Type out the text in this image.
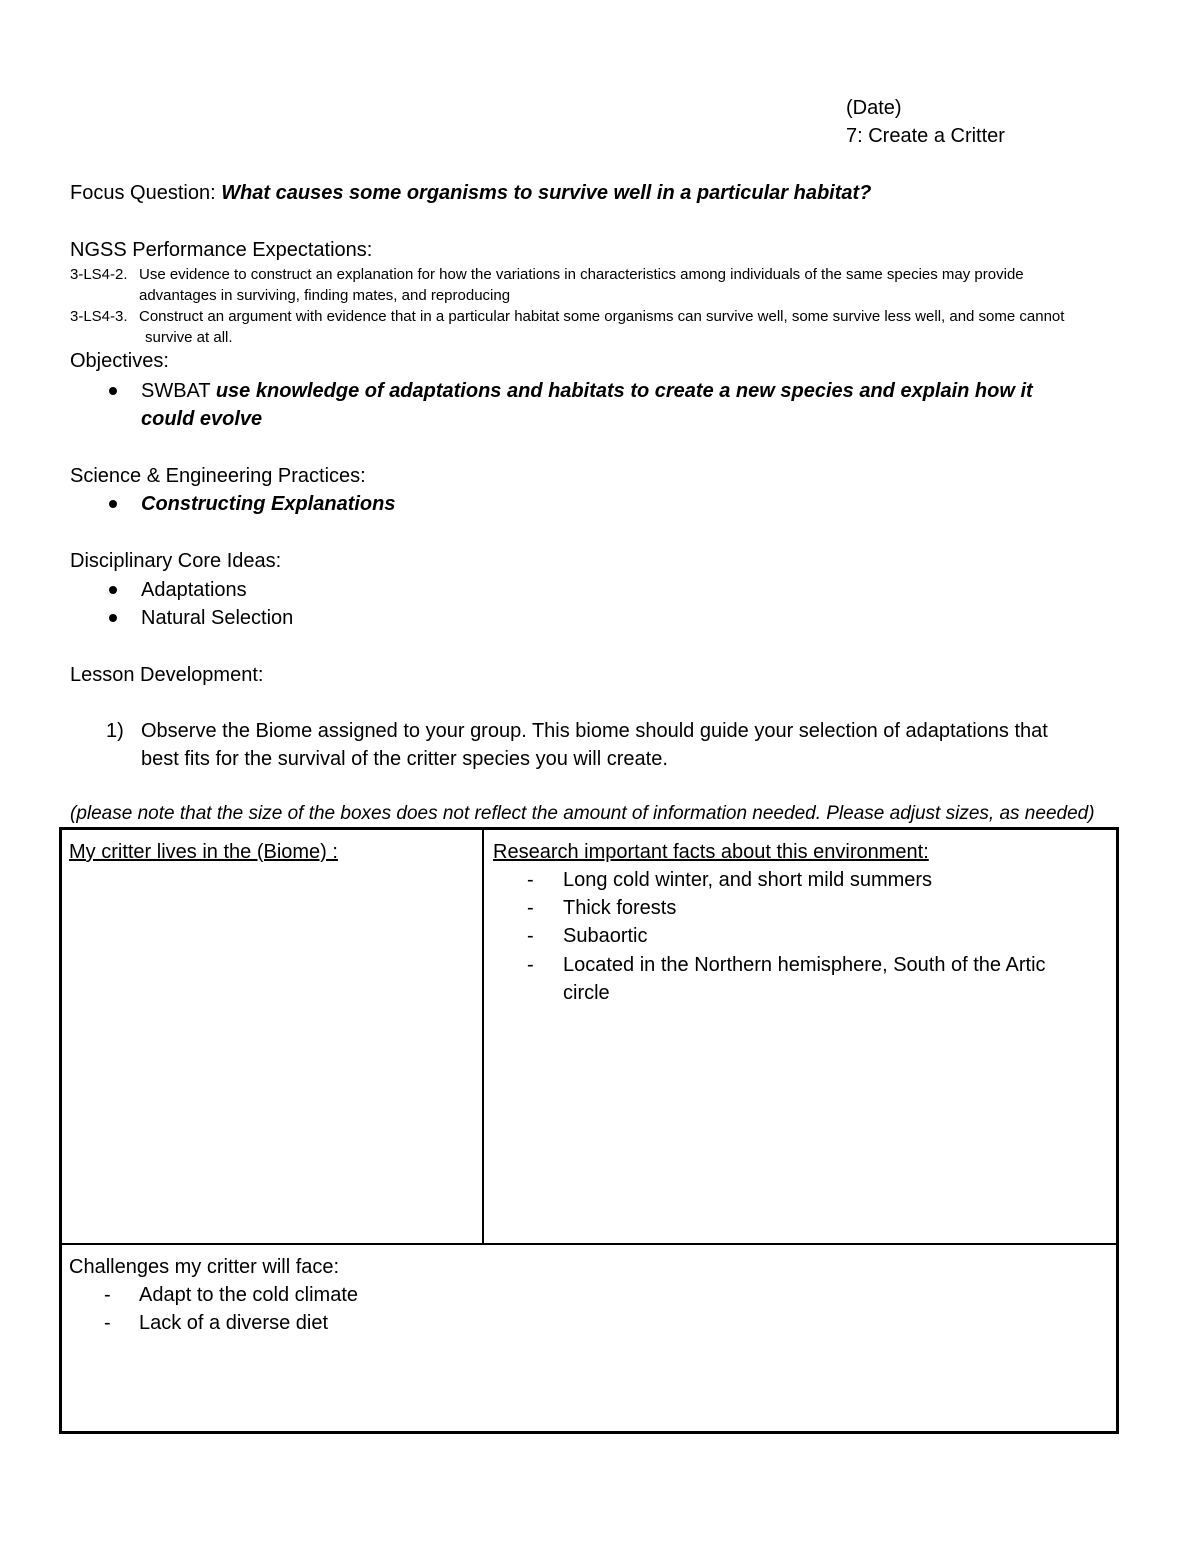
(Date)
7: Create a Critter
Focus Question: What causes some organisms to survive well in a particular habitat?
NGSS Performance Expectations:
3-LS4-2. Use evidence to construct an explanation for how the variations in characteristics among individuals of the same species may provide
advantages in surviving, finding mates, and reproducing
3-LS4-3. Construct an argument with evidence that in a particular habitat some organisms can survive well, some survive less well, and some cannot
survive at all.
Objectives:
SWBAT use knowledge of adaptations and habitats to create a new species and explain how it
could evolve
Science & Engineering Practices:
Constructing Explanations
Disciplinary Core Ideas:
Adaptations
Natural Selection
Lesson Development:
1) Observe the Biome assigned to your group. This biome should guide your selection of adaptations that
best fits for the survival of the critter species you will create.
(please note that the size of the boxes does not reflect the amount of information needed. Please adjust sizes, as needed)
My critter lives in the (Biome) :	Research important facts about this environment:
- Long cold winter, and short mild summers
- Thick forests
- Subaortic
- Located in the Northern hemisphere, South of the Artic
circle
Challenges my critter will face:
- Adapt to the cold climate
- Lack of a diverse diet
